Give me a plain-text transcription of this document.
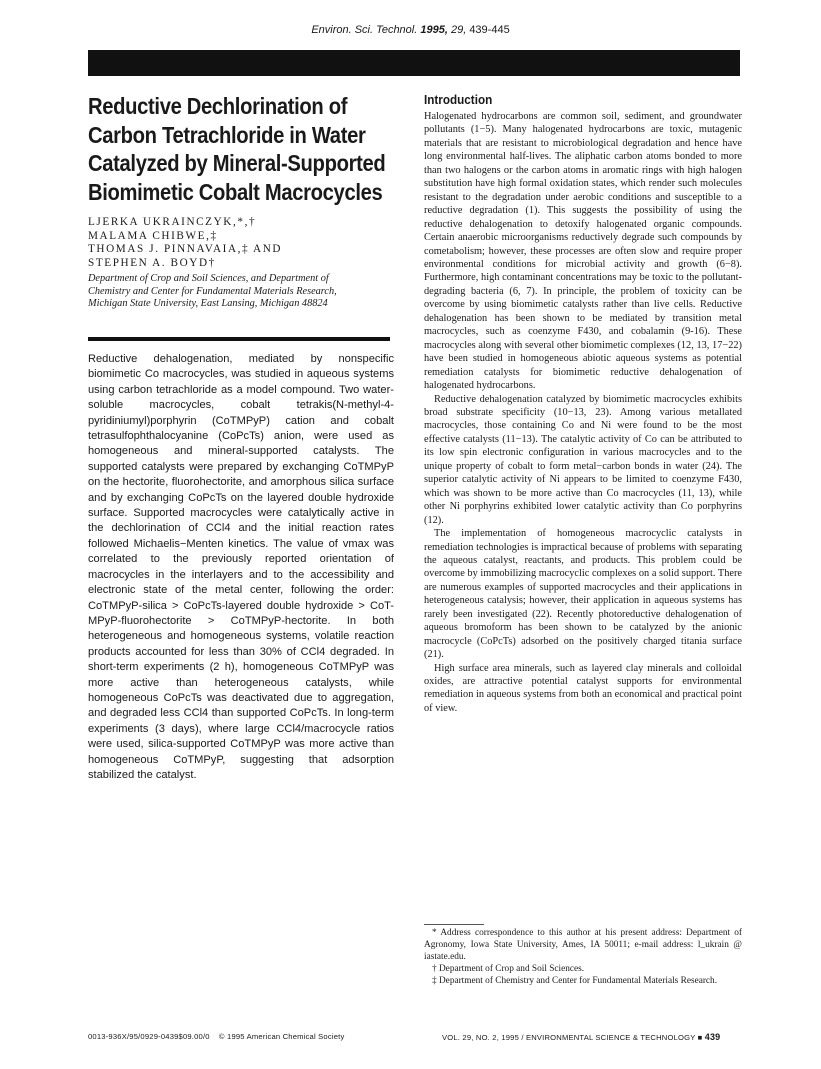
Environ. Sci. Technol. 1995, 29, 439-445
Reductive Dechlorination of
Carbon Tetrachloride in Water
Catalyzed by Mineral-Supported
Biomimetic Cobalt Macrocycles
LJERKA UKRAINCZYK,*,†
MALAMA CHIBWE,‡
THOMAS J. PINNAVAIA,‡ AND
STEPHEN A. BOYD†
Department of Crop and Soil Sciences, and Department of
Chemistry and Center for Fundamental Materials Research,
Michigan State University, East Lansing, Michigan 48824

Reductive dehalogenation, mediated by nonspecific biomimetic Co macrocycles, was studied in aqueous systems using carbon tetrachloride as a model compound. Two water-soluble macrocycles, cobalt tetrakis(N-methyl-4-pyridiniumyl)porphyrin (CoTMPyP) cation and cobalt tetrasulfophthalocyanine (CoPcTs) anion, were used as homogeneous and mineral-supported catalysts. The supported catalysts were prepared by exchanging CoTMPyP on the hectorite, fluorohectorite, and amorphous silica surface and by exchanging CoPcTs on the layered double hydroxide surface. Supported macrocycles were catalytically active in the dechlorination of CCl4 and the initial reaction rates followed Michaelis−Menten kinetics. The value of vmax was correlated to the previously reported orientation of macrocycles in the interlayers and to the accessibility and electronic state of the metal center, following the order: CoTMPyP-silica > CoPcTs-layered double hydroxide > CoT-MPyP-fluorohectorite > CoTMPyP-hectorite. In both heterogeneous and homogeneous systems, volatile reaction products accounted for less than 30% of CCl4 degraded. In short-term experiments (2 h), homogeneous CoTMPyP was more active than heterogeneous catalysts, while homogeneous CoPcTs was deactivated due to aggregation, and degraded less CCl4 than supported CoPcTs. In long-term experiments (3 days), where large CCl4/macrocycle ratios were used, silica-supported CoTMPyP was more active than homogeneous CoTMPyP, suggesting that adsorption stabilized the catalyst.

Introduction

Halogenated hydrocarbons are common soil, sediment, and groundwater pollutants (1−5). Many halogenated hydrocarbons are toxic, mutagenic materials that are resistant to microbiological degradation and hence have long environmental half-lives. The aliphatic carbon atoms bonded to more than two halogens or the carbon atoms in aromatic rings with high halogen substitution have high formal oxidation states, which render such molecules resistant to the degradation under aerobic conditions and susceptible to a reductive degradation (1). This suggests the possibility of using the reductive dehalogenation to detoxify halogenated organic compounds. Certain anaerobic microorganisms reductively degrade such compounds by cometabolism; however, these processes are often slow and require proper environmental conditions for microbial activity and growth (6−8). Furthermore, high contaminant concentrations may be toxic to the pollutant-degrading bacteria (6, 7). In principle, the problem of toxicity can be overcome by using biomimetic catalysts rather than live cells. Reductive dehalogenation has been shown to be mediated by transition metal macrocycles, such as coenzyme F430, and cobalamin (9-16). These macrocycles along with several other biomimetic complexes (12, 13, 17−22) have been studied in homogeneous abiotic aqueous systems as potential remediation catalysts for biomimetic reductive dehalogenation of halogenated hydrocarbons.

Reductive dehalogenation catalyzed by biomimetic macrocycles exhibits broad substrate specificity (10−13, 23). Among various metallated macrocycles, those containing Co and Ni were found to be the most effective catalysts (11−13). The catalytic activity of Co can be attributed to its low spin electronic configuration in various macrocycles and to the unique property of cobalt to form metal−carbon bonds in water (24). The superior catalytic activity of Ni appears to be limited to coenzyme F430, which was shown to be more active than Co macrocycles (11, 13), while other Ni porphyrins exhibited lower catalytic activity than Co porphyrins (12).

The implementation of homogeneous macrocyclic catalysts in remediation technologies is impractical because of problems with separating the aqueous catalyst, reactants, and products. This problem could be overcome by immobilizing macrocyclic complexes on a solid support. There are numerous examples of supported macrocycles and their applications in heterogeneous catalysis; however, their application in aqueous systems has rarely been investigated (22). Recently photoreductive dehalogenation of aqueous bromoform has been shown to be catalyzed by the anionic macrocycle (CoPcTs) adsorbed on the positively charged titania surface (21).

High surface area minerals, such as layered clay minerals and colloidal oxides, are attractive potential catalyst supports for environmental remediation in aqueous systems from both an economical and practical point of view.

* Address correspondence to this author at his present address: Department of Agronomy, Iowa State University, Ames, IA 50011; e-mail address: l_ukrain @ iastate.edu.

† Department of Crop and Soil Sciences.

‡ Department of Chemistry and Center for Fundamental Materials Research.

0013-936X/95/0929-0439$09.00/0    © 1995 American Chemical Society	VOL. 29, NO. 2, 1995 / ENVIRONMENTAL SCIENCE & TECHNOLOGY ■ 439
